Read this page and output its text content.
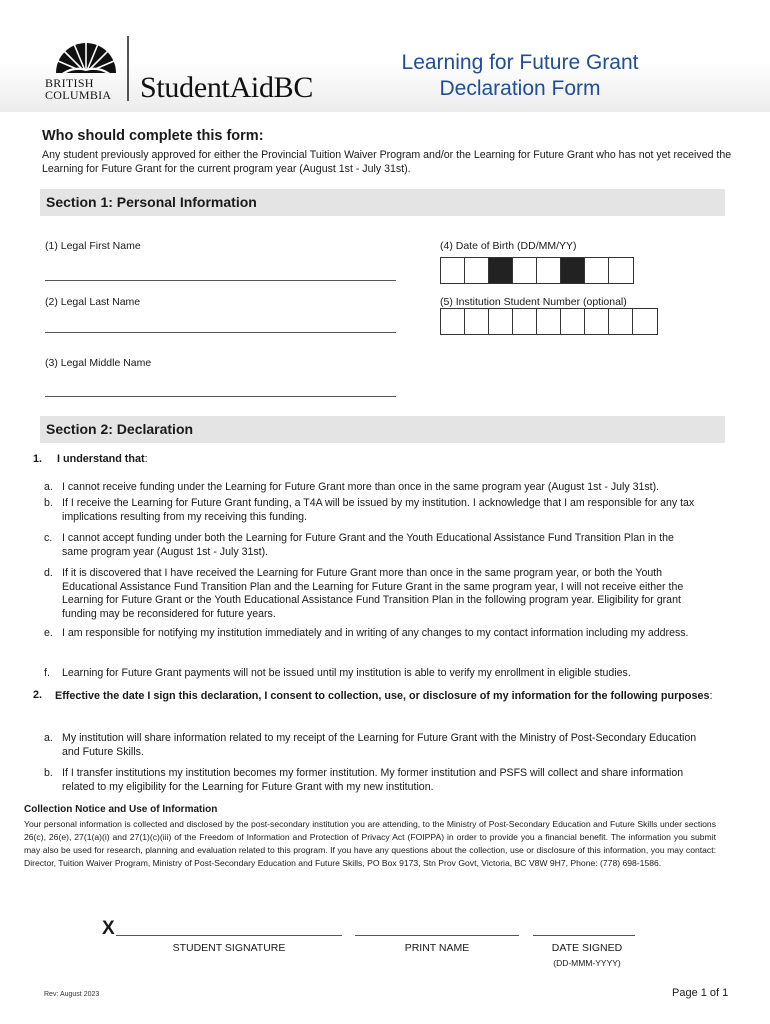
BRITISH
COLUMBIA StudentAidBC
Learning for Future Grant
Declaration Form
Who should complete this form:
Any student previously approved for either the Provincial Tuition Waiver Program and/or the Learning for Future Grant who has not yet received the Learning for Future Grant for the current program year (August 1st - July 31st).
Section 1: Personal Information
(1) Legal First Name
(2) Legal Last Name
(3) Legal Middle Name
(4) Date of Birth (DD/MM/YY)
(5) Institution Student Number (optional)
Section 2: Declaration
1. I understand that:
a. I cannot receive funding under the Learning for Future Grant more than once in the same program year (August 1st - July 31st).
b. If I receive the Learning for Future Grant funding, a T4A will be issued by my institution. I acknowledge that I am responsible for any tax implications resulting from my receiving this funding.
c. I cannot accept funding under both the Learning for Future Grant and the Youth Educational Assistance Fund Transition Plan in the same program year (August 1st - July 31st).
d. If it is discovered that I have received the Learning for Future Grant more than once in the same program year, or both the Youth Educational Assistance Fund Transition Plan and the Learning for Future Grant in the same program year, I will not receive either the Learning for Future Grant or the Youth Educational Assistance Fund Transition Plan in the following program year. Eligibility for grant funding may be reconsidered for future years.
e. I am responsible for notifying my institution immediately and in writing of any changes to my contact information including my address.
f. Learning for Future Grant payments will not be issued until my institution is able to verify my enrollment in eligible studies.
2. Effective the date I sign this declaration, I consent to collection, use, or disclosure of my information for the following purposes:
a. My institution will share information related to my receipt of the Learning for Future Grant with the Ministry of Post-Secondary Education and Future Skills.
b. If I transfer institutions my institution becomes my former institution. My former institution and PSFS will collect and share information related to my eligibility for the Learning for Future Grant with my new institution.
Collection Notice and Use of Information
Your personal information is collected and disclosed by the post-secondary institution you are attending, to the Ministry of Post-Secondary Education and Future Skills under sections 26(c), 26(e), 27(1(a)(i) and 27(1)(c)(iii) of the Freedom of Information and Protection of Privacy Act (FOIPPA) in order to provide you a financial benefit. The information you submit may also be used for research, planning and evaluation related to this program. If you have any questions about the collection, use or disclosure of this information, you may contact: Director, Tuition Waiver Program, Ministry of Post-Secondary Education and Future Skills, PO Box 9173, Stn Prov Govt, Victoria, BC V8W 9H7, Phone: (778) 698-1586.
X
STUDENT SIGNATURE	PRINT NAME	DATE SIGNED
(DD-MMM-YYYY)
Rev: August 2023	Page 1 of 1
